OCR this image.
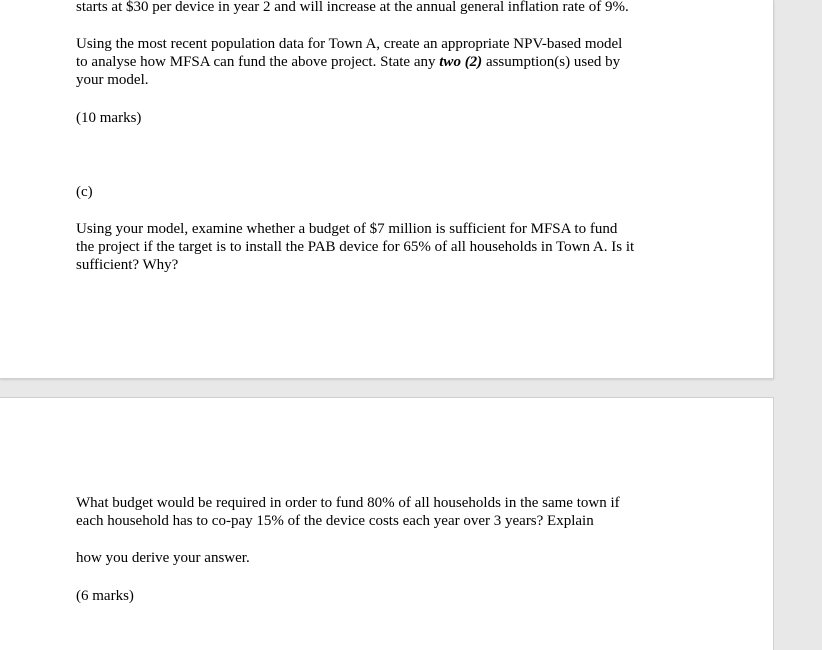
starts at $30 per device in year 2 and will increase at the annual general inflation rate of 9%.

Using the most recent population data for Town A, create an appropriate NPV-based model
to analyse how MFSA can fund the above project. State any two (2) assumption(s) used by
your model.

(10 marks)

(c)

Using your model, examine whether a budget of $7 million is sufficient for MFSA to fund
the project if the target is to install the PAB device for 65% of all households in Town A. Is it
sufficient? Why?

What budget would be required in order to fund 80% of all households in the same town if
each household has to co-pay 15% of the device costs each year over 3 years? Explain

how you derive your answer.

(6 marks)
